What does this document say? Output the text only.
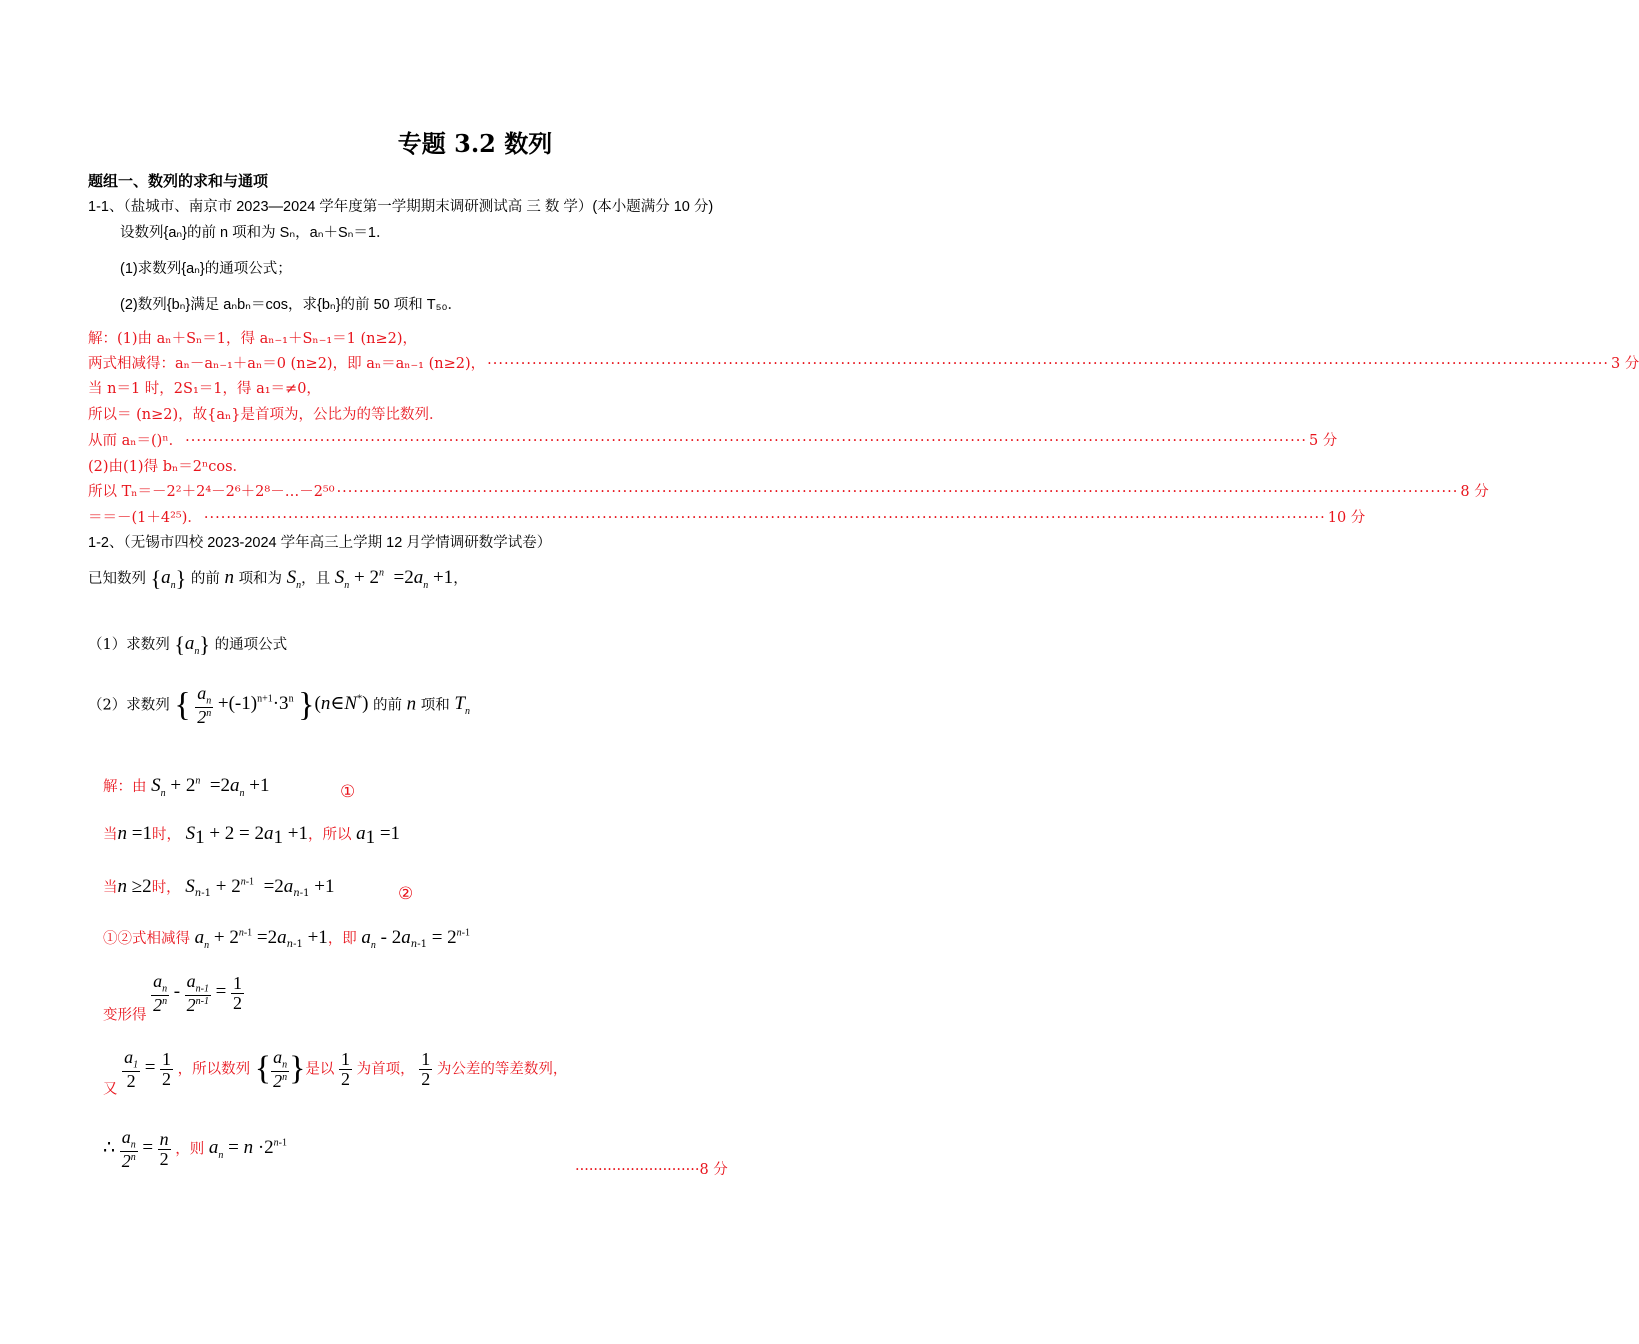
专题 3.2 数列
题组一、数列的求和与通项
1-1、（盐城市、南京市 2023—2024 学年度第一学期期末调研测试高 三 数 学）(本小题满分 10 分)
设数列{aₙ}的前 n 项和为 Sₙ，aₙ＋Sₙ＝1．
(1)求数列{aₙ}的通项公式；
(2)数列{bₙ}满足 aₙbₙ＝cos，求{bₙ}的前 50 项和 T₅₀．
解：(1)由 aₙ＋Sₙ＝1，得 aₙ₋₁＋Sₙ₋₁＝1 (n≥2)，
两式相减得：aₙ－aₙ₋₁＋aₙ＝0 (n≥2)，即 aₙ＝aₙ₋₁ (n≥2)， ········································································································································································································ 3 分
当 n＝1 时，2S₁＝1，得 a₁＝≠0，
所以＝ (n≥2)，故{aₙ}是首项为，公比为的等比数列．
从而 aₙ＝()ⁿ． ········································································································································································································ 5 分
(2)由(1)得 bₙ＝2ⁿcos．
所以 Tₙ＝－2²＋2⁴－2⁶＋2⁸－…－2⁵⁰ ········································································································································································································ 8 分
＝＝－(1＋4²⁵)． ········································································································································································································ 10 分
1-2、（无锡市四校 2023-2024 学年高三上学期 12 月学情调研数学试卷）
已知数列 $\{a_n\}$ 的前 n 项和为 $S_n$，且 $S_n + 2^n =2a_n +1$，
（1）求数列 $\{a_n\}$ 的通项公式
（2）求数列 { $\frac{a_n}{2^n} +(-1)^{n+1}\cdot 3^n$ }(n∈N*) 的前 n 项和 $T_n$
解：由 $S_n + 2^n =2a_n +1$	①
当n =1时， $S_1 + 2 = 2a_1 +1$，所以 $a_1 =1$
当n ≥2时， $S_{n-1} + 2^{n-1} =2a_{n-1} +1$	②
①②式相减得 $a_n + 2^{n-1} =2a_{n-1} +1$，即 $a_n - 2a_{n-1} = 2^{n-1}$
变形得
$\frac{a_n}{2^n} - \frac{a_{n-1}}{2^{n-1}} = \frac{1}{2}$
又 $\frac{a_1}{2} = \frac{1}{2}$ ，所以数列 { $\frac{a_n}{2^n}$ }是以 $\frac{1}{2}$ 为首项， $\frac{1}{2}$ 为公差的等差数列，
∴ $\frac{a_n}{2^n} = \frac{n}{2}$ ，则 $a_n = n \cdot 2^{n-1}$
···························8 分
